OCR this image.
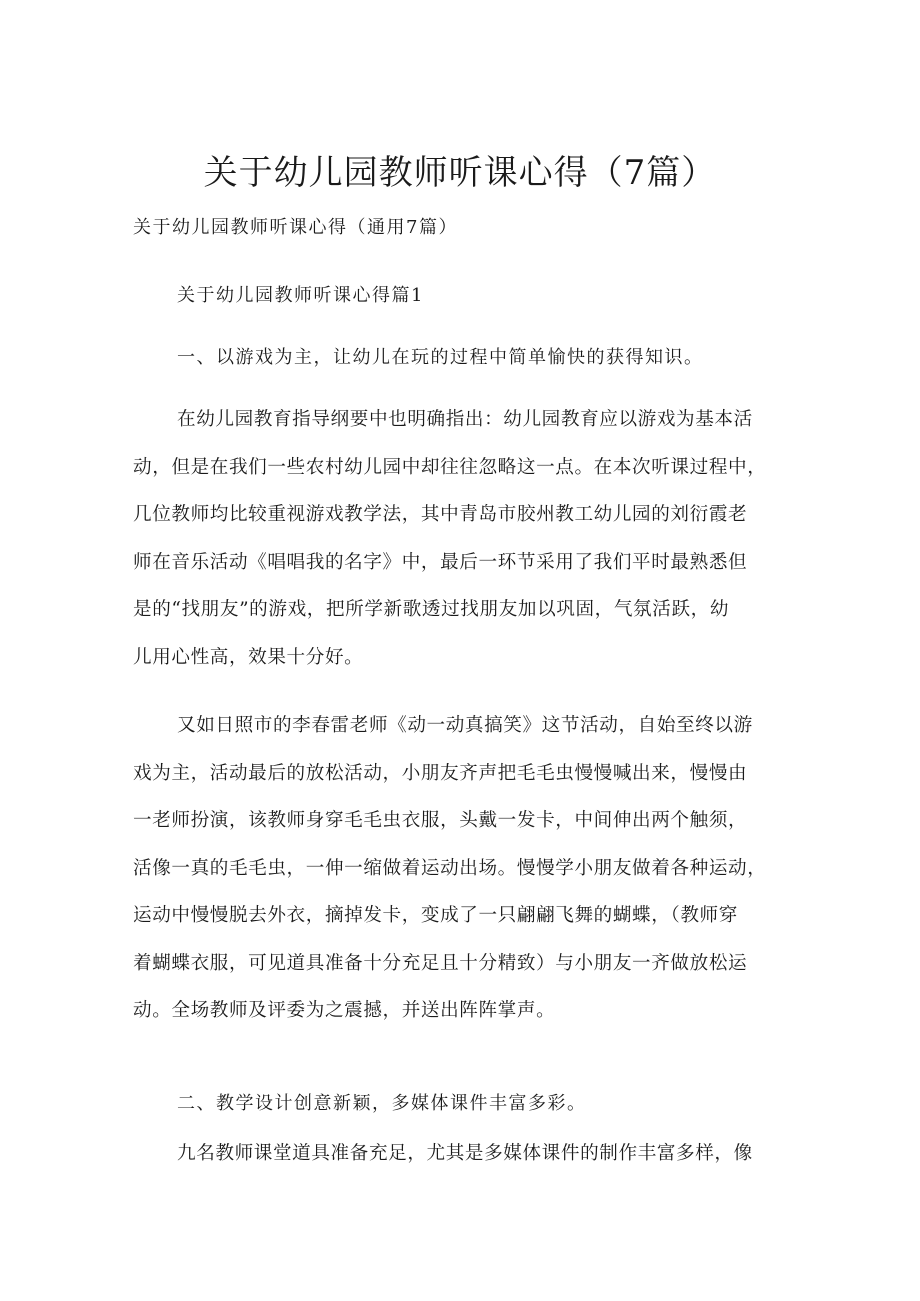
关于幼儿园教师听课心得（7篇）
关于幼儿园教师听课心得（通用7篇）
关于幼儿园教师听课心得篇1
一、以游戏为主，让幼儿在玩的过程中简单愉快的获得知识。
在幼儿园教育指导纲要中也明确指出：幼儿园教育应以游戏为基本活
动，但是在我们一些农村幼儿园中却往往忽略这一点。在本次听课过程中，
几位教师均比较重视游戏教学法，其中青岛市胶州教工幼儿园的刘衍霞老
师在音乐活动《唱唱我的名字》中，最后一环节采用了我们平时最熟悉但
是的“找朋友”的游戏，把所学新歌透过找朋友加以巩固，气氛活跃，幼
儿用心性高，效果十分好。
又如日照市的李春雷老师《动一动真搞笑》这节活动，自始至终以游
戏为主，活动最后的放松活动，小朋友齐声把毛毛虫慢慢喊出来，慢慢由
一老师扮演，该教师身穿毛毛虫衣服，头戴一发卡，中间伸出两个触须，
活像一真的毛毛虫，一伸一缩做着运动出场。慢慢学小朋友做着各种运动，
运动中慢慢脱去外衣，摘掉发卡，变成了一只翩翩飞舞的蝴蝶，（教师穿
着蝴蝶衣服，可见道具准备十分充足且十分精致）与小朋友一齐做放松运
动。全场教师及评委为之震撼，并送出阵阵掌声。
二、教学设计创意新颖，多媒体课件丰富多彩。
九名教师课堂道具准备充足，尤其是多媒体课件的制作丰富多样，像
